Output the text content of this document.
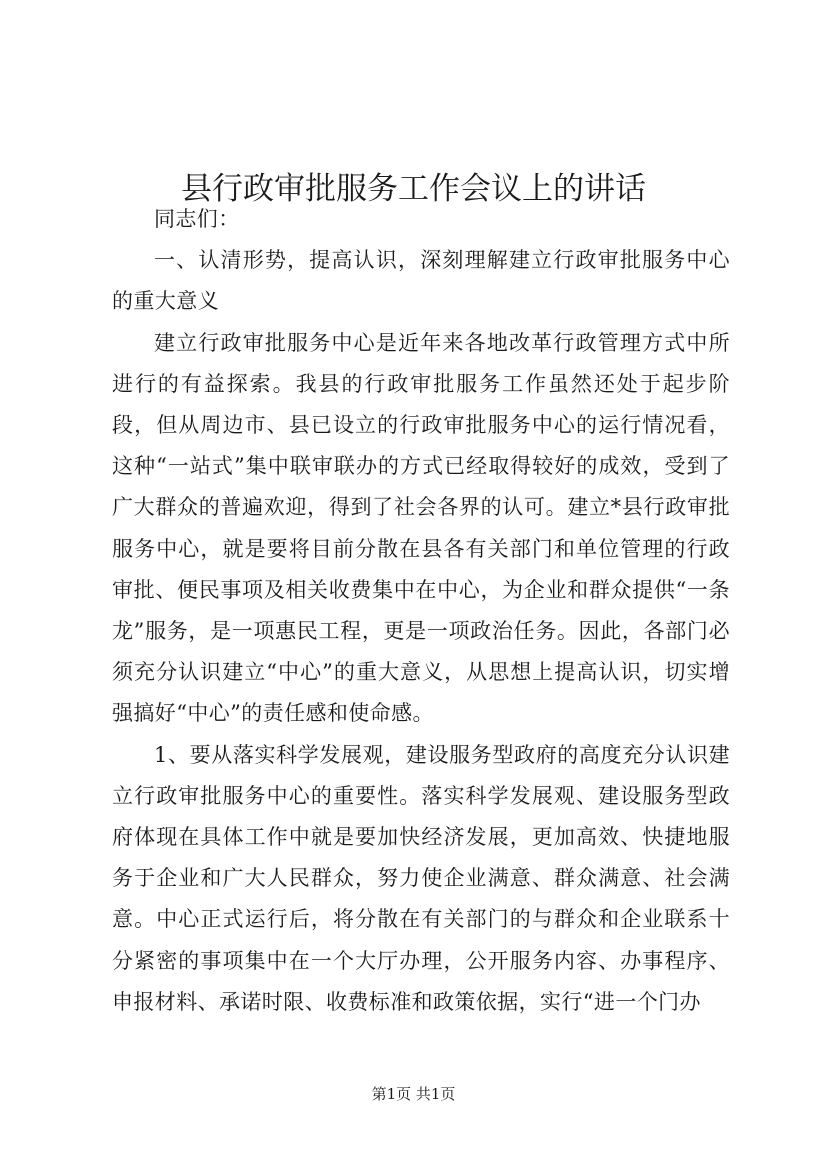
县行政审批服务工作会议上的讲话

同志们：

一、认清形势，提高认识，深刻理解建立行政审批服务中心的重大意义

建立行政审批服务中心是近年来各地改革行政管理方式中所进行的有益探索。我县的行政审批服务工作虽然还处于起步阶段，但从周边市、县已设立的行政审批服务中心的运行情况看，这种“一站式”集中联审联办的方式已经取得较好的成效，受到了广大群众的普遍欢迎，得到了社会各界的认可。建立*县行政审批服务中心，就是要将目前分散在县各有关部门和单位管理的行政审批、便民事项及相关收费集中在中心，为企业和群众提供“一条龙”服务，是一项惠民工程，更是一项政治任务。因此，各部门必须充分认识建立“中心”的重大意义，从思想上提高认识，切实增强搞好“中心”的责任感和使命感。

1、要从落实科学发展观，建设服务型政府的高度充分认识建立行政审批服务中心的重要性。落实科学发展观、建设服务型政府体现在具体工作中就是要加快经济发展，更加高效、快捷地服务于企业和广大人民群众，努力使企业满意、群众满意、社会满意。中心正式运行后，将分散在有关部门的与群众和企业联系十分紧密的事项集中在一个大厅办理，公开服务内容、办事程序、申报材料、承诺时限、收费标准和政策依据，实行“进一个门办

第1页 共1页
